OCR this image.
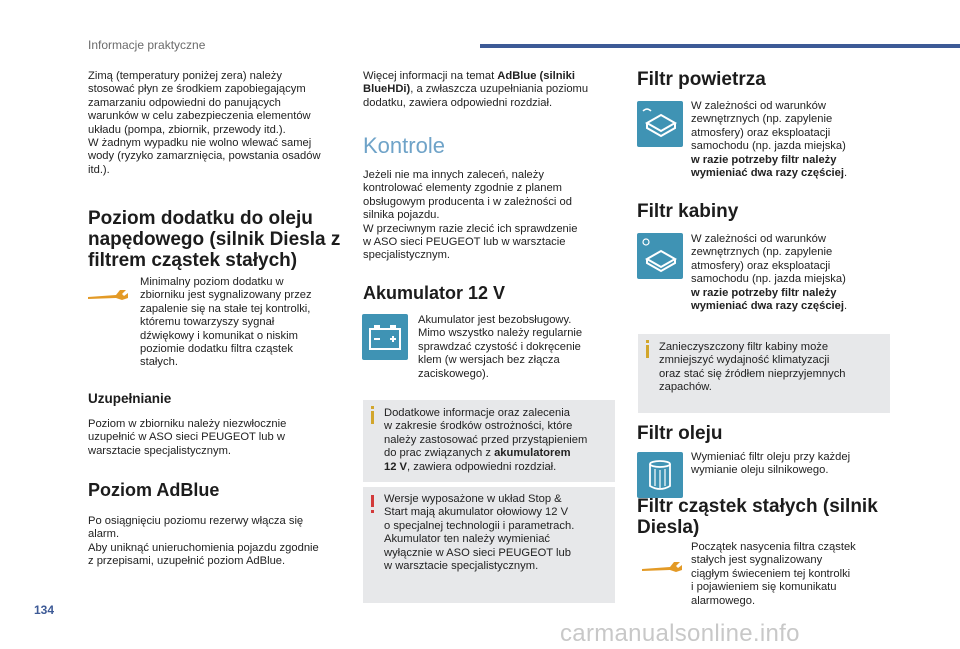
Informacje praktyczne

Zimą (temperatury poniżej zera) należy
stosować płyn ze środkiem zapobiegającym
zamarzaniu odpowiedni do panujących
warunków w celu zabezpieczenia elementów
układu (pompa, zbiornik, przewody itd.).
W żadnym wypadku nie wolno wlewać samej
wody (ryzyko zamarznięcia, powstania osadów
itd.).

Poziom dodatku do oleju
napędowego (silnik Diesla z
filtrem cząstek stałych)

Minimalny poziom dodatku w
zbiorniku jest sygnalizowany przez
zapalenie się na stałe tej kontrolki,
któremu towarzyszy sygnał
dźwiękowy i komunikat o niskim
poziomie dodatku filtra cząstek
stałych.

Uzupełnianie

Poziom w zbiorniku należy niezwłocznie
uzupełnić w ASO sieci PEUGEOT lub w
warsztacie specjalistycznym.

Poziom AdBlue

Po osiągnięciu poziomu rezerwy włącza się
alarm.
Aby uniknąć unieruchomienia pojazdu zgodnie
z przepisami, uzupełnić poziom AdBlue.

Więcej informacji na temat AdBlue (silniki
BlueHDi), a zwłaszcza uzupełniania poziomu
dodatku, zawiera odpowiedni rozdział.

Kontrole

Jeżeli nie ma innych zaleceń, należy
kontrolować elementy zgodnie z planem
obsługowym producenta i w zależności od
silnika pojazdu.
W przeciwnym razie zlecić ich sprawdzenie
w ASO sieci PEUGEOT lub w warsztacie
specjalistycznym.

Akumulator 12 V

Akumulator jest bezobsługowy.
Mimo wszystko należy regularnie
sprawdzać czystość i dokręcenie
klem (w wersjach bez złącza
zaciskowego).

Dodatkowe informacje oraz zalecenia
w zakresie środków ostrożności, które
należy zastosować przed przystąpieniem
do prac związanych z akumulatorem
12 V, zawiera odpowiedni rozdział.

Wersje wyposażone w układ Stop &
Start mają akumulator ołowiowy 12 V
o specjalnej technologii i parametrach.
Akumulator ten należy wymieniać
wyłącznie w ASO sieci PEUGEOT lub
w warsztacie specjalistycznym.

Filtr powietrza

W zależności od warunków
zewnętrznych (np. zapylenie
atmosfery) oraz eksploatacji
samochodu (np. jazda miejska)
w razie potrzeby filtr należy
wymieniać dwa razy częściej.

Filtr kabiny

W zależności od warunków
zewnętrznych (np. zapylenie
atmosfery) oraz eksploatacji
samochodu (np. jazda miejska)
w razie potrzeby filtr należy
wymieniać dwa razy częściej.

Zanieczyszczony filtr kabiny może
zmniejszyć wydajność klimatyzacji
oraz stać się źródłem nieprzyjemnych
zapachów.

Filtr oleju

Wymieniać filtr oleju przy każdej
wymianie oleju silnikowego.

Filtr cząstek stałych (silnik
Diesla)

Początek nasycenia filtra cząstek
stałych jest sygnalizowany
ciągłym świeceniem tej kontrolki
i pojawieniem się komunikatu
alarmowego.

134
carmanualsonline.info
